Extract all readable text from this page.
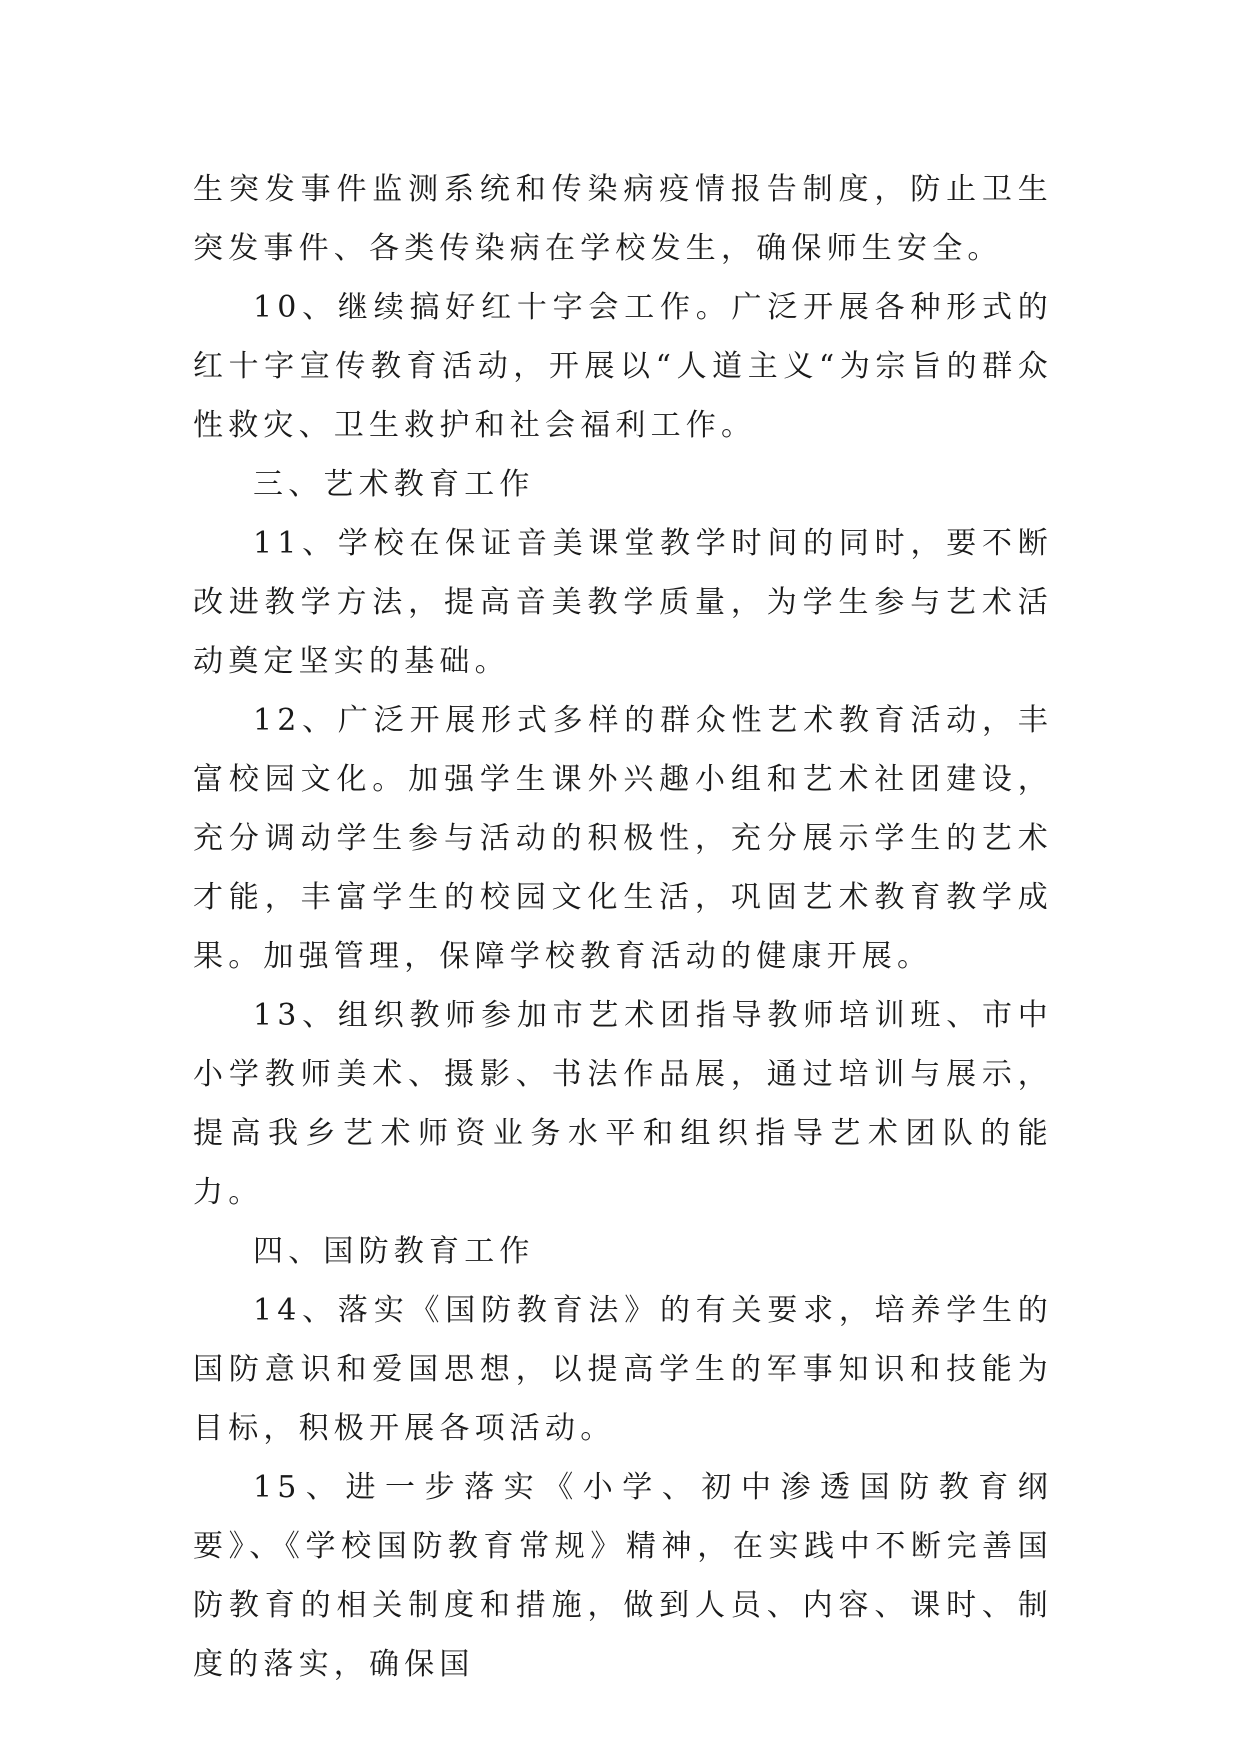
生突发事件监测系统和传染病疫情报告制度，防止卫生突发事件、各类传染病在学校发生，确保师生安全。

10、继续搞好红十字会工作。广泛开展各种形式的红十字宣传教育活动，开展以“人道主义“为宗旨的群众性救灾、卫生救护和社会福利工作。

三、艺术教育工作

11、学校在保证音美课堂教学时间的同时，要不断改进教学方法，提高音美教学质量，为学生参与艺术活动奠定坚实的基础。

12、广泛开展形式多样的群众性艺术教育活动，丰富校园文化。加强学生课外兴趣小组和艺术社团建设，充分调动学生参与活动的积极性，充分展示学生的艺术才能，丰富学生的校园文化生活，巩固艺术教育教学成果。加强管理，保障学校教育活动的健康开展。

13、组织教师参加市艺术团指导教师培训班、市中小学教师美术、摄影、书法作品展，通过培训与展示，提高我乡艺术师资业务水平和组织指导艺术团队的能力。

四、国防教育工作

14、落实《国防教育法》的有关要求，培养学生的国防意识和爱国思想，以提高学生的军事知识和技能为目标，积极开展各项活动。

15、进一步落实《小学、初中渗透国防教育纲要》、《学校国防教育常规》精神，在实践中不断完善国防教育的相关制度和措施，做到人员、内容、课时、制度的落实，确保国
